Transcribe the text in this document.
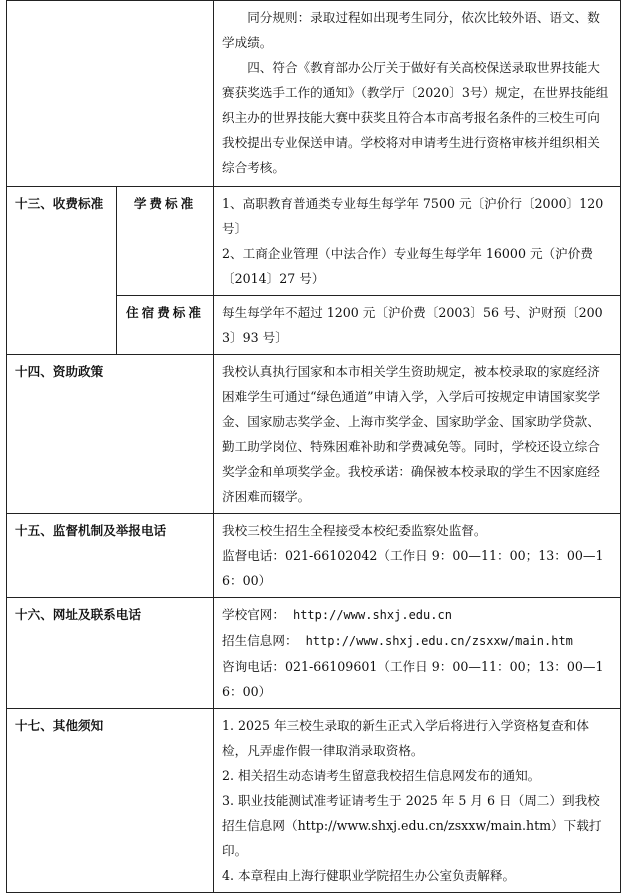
		同分规则：录取过程如出现考生同分，依次比较外语、语文、数学成绩。
四、符合《教育部办公厅关于做好有关高校保送录取世界技能大赛获奖选手工作的通知》（教学厅〔2020〕3号）规定，在世界技能组织主办的世界技能大赛中获奖且符合本市高考报名条件的三校生可向我校提出专业保送申请。学校将对申请考生进行资格审核并组织相关综合考核。

十三、收费标准	学费标准	1、高职教育普通类专业每生每学年 7500 元〔沪价行〔2000〕120 号〕
2、工商企业管理（中法合作）专业每生每学年 16000 元（沪价费〔2014〕27 号）

	住宿费标准	每生每学年不超过 1200 元〔沪价费〔2003〕56 号、沪财预〔2003〕93 号〕
十四、资助政策		我校认真执行国家和本市相关学生资助规定，被本校录取的家庭经济困难学生可通过“绿色通道”申请入学，入学后可按规定申请国家奖学金、国家励志奖学金、上海市奖学金、国家助学金、国家助学贷款、勤工助学岗位、特殊困难补助和学费减免等。同时，学校还设立综合奖学金和单项奖学金。我校承诺：确保被本校录取的学生不因家庭经济困难而辍学。

十五、监督机制及举报电话		我校三校生招生全程接受本校纪委监察处监督。
监督电话：021-66102042（工作日 9：00—11：00；13：00—16：00）

十六、网址及联系电话		学校官网： http://www.shxj.edu.cn
招生信息网： http://www.shxj.edu.cn/zsxxw/main.htm
咨询电话：021-66109601（工作日 9：00—11：00；13：00—16：00）

十七、其他须知		1. 2025 年三校生录取的新生正式入学后将进行入学资格复查和体检，凡弄虚作假一律取消录取资格。
2. 相关招生动态请考生留意我校招生信息网发布的通知。
3. 职业技能测试准考证请考生于 2025 年 5 月 6 日（周二）到我校招生信息网（http://www.shxj.edu.cn/zsxxw/main.htm）下载打印。
4. 本章程由上海行健职业学院招生办公室负责解释。
